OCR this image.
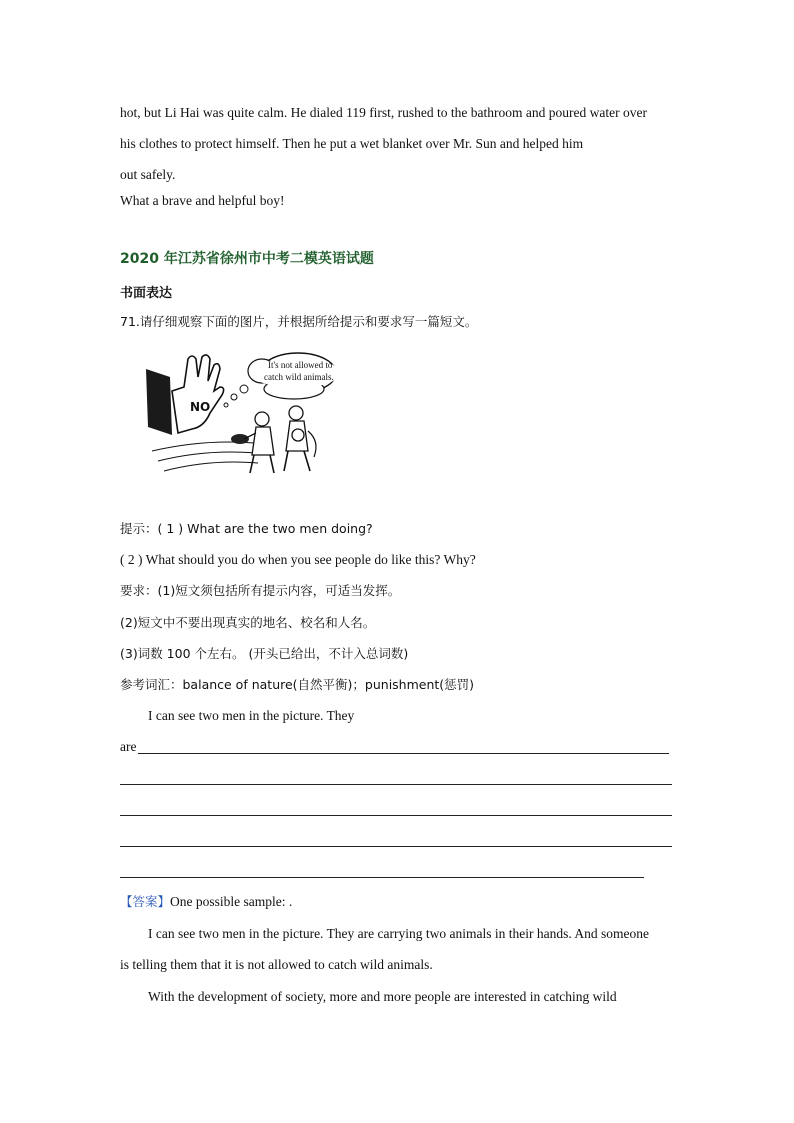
hot, but Li Hai was quite calm. He dialed 119 first, rushed to the bathroom and poured water over
his clothes to protect himself. Then he put a wet blanket over Mr. Sun and helped him
out safely.
What a brave and helpful boy!
2020 年江苏省徐州市中考二模英语试题
书面表达
71.请仔细观察下面的图片，并根据所给提示和要求写一篇短文。
NO
It's not allowed to
catch wild animals.
提示：( 1 ) What are the two men doing?
( 2 ) What should you do when you see people do like this? Why?
要求：(1)短文须包括所有提示内容，可适当发挥。
(2)短文中不要出现真实的地名、校名和人名。
(3)词数 100 个左右。 (开头已给出，不计入总词数)
参考词汇：balance of nature(自然平衡)；punishment(惩罚)
I can see two men in the picture. They
are
【答案】One possible sample: .
I can see two men in the picture. They are carrying two animals in their hands. And someone
is telling them that it is not allowed to catch wild animals.
With the development of society, more and more people are interested in catching wild
